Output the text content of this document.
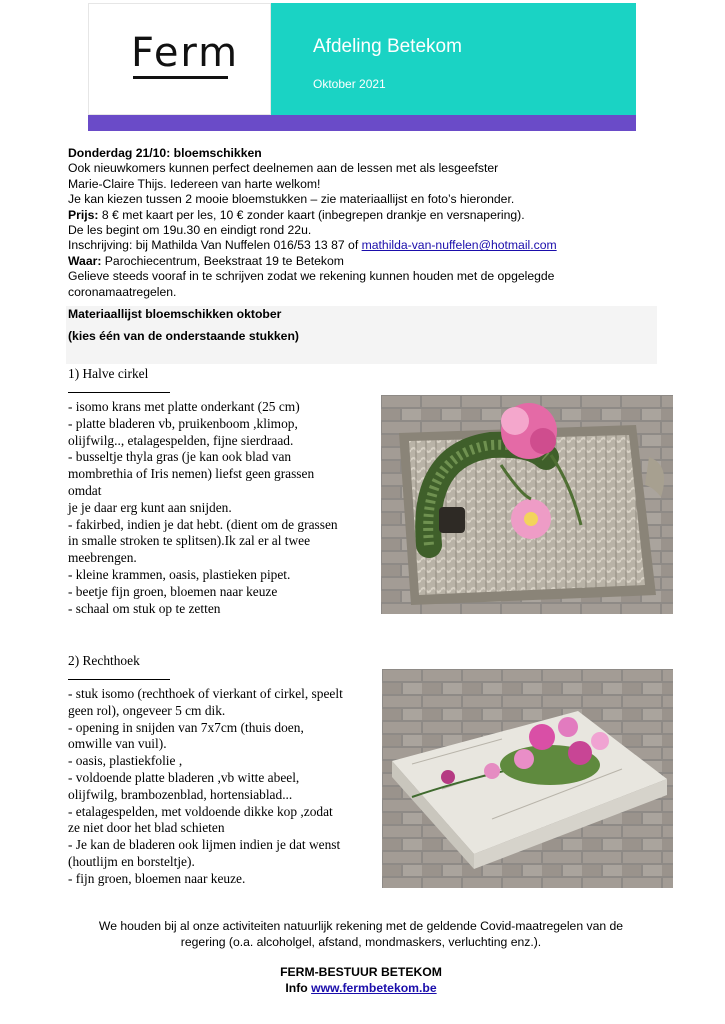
Ferm	Afdeling Betekom
Oktober 2021
Donderdag 21/10: bloemschikken
Ook nieuwkomers kunnen perfect deelnemen aan de lessen met als lesgeefster
Marie-Claire Thijs. Iedereen van harte welkom!
Je kan kiezen tussen 2 mooie bloemstukken – zie materiaallijst en foto’s hieronder.
Prijs: 8 € met kaart per les, 10 € zonder kaart (inbegrepen drankje en versnapering).
De les begint om 19u.30 en eindigt rond 22u.
Inschrijving: bij Mathilda Van Nuffelen 016/53 13 87 of mathilda-van-nuffelen@hotmail.com
Waar: Parochiecentrum, Beekstraat 19 te Betekom
Gelieve steeds vooraf in te schrijven zodat we rekening kunnen houden met de opgelegde
coronamaatregelen.
Materiaallijst bloemschikken oktober
(kies één van de onderstaande stukken)
1) Halve cirkel
- isomo krans met platte onderkant (25 cm)
- platte bladeren vb, pruikenboom ,klimop,
olijfwilg.., etalagespelden, fijne sierdraad.
- busseltje thyla gras (je kan ook blad van
mombrethia of Iris nemen) liefst geen grassen
omdat
je je daar erg kunt aan snijden.
- fakirbed, indien je dat hebt. (dient om de grassen
in smalle stroken te splitsen).Ik zal er al twee
meebrengen.
- kleine krammen, oasis, plastieken pipet.
- beetje fijn groen, bloemen naar keuze
- schaal om stuk op te zetten
2) Rechthoek
- stuk isomo (rechthoek of vierkant of cirkel, speelt
geen rol), ongeveer 5 cm dik.
- opening in snijden van 7x7cm (thuis doen,
omwille van vuil).
- oasis, plastiekfolie ,
- voldoende platte bladeren ,vb witte abeel,
olijfwilg, brambozenblad, hortensiablad...
- etalagespelden, met voldoende dikke kop ,zodat
ze niet door het blad schieten
- Je kan de bladeren ook lijmen indien je dat wenst
(houtlijm en borsteltje).
- fijn groen, bloemen naar keuze.
We houden bij al onze activiteiten natuurlijk rekening met de geldende Covid-maatregelen van de
regering (o.a. alcoholgel, afstand, mondmaskers, verluchting enz.).
FERM-BESTUUR BETEKOM
Info www.fermbetekom.be
